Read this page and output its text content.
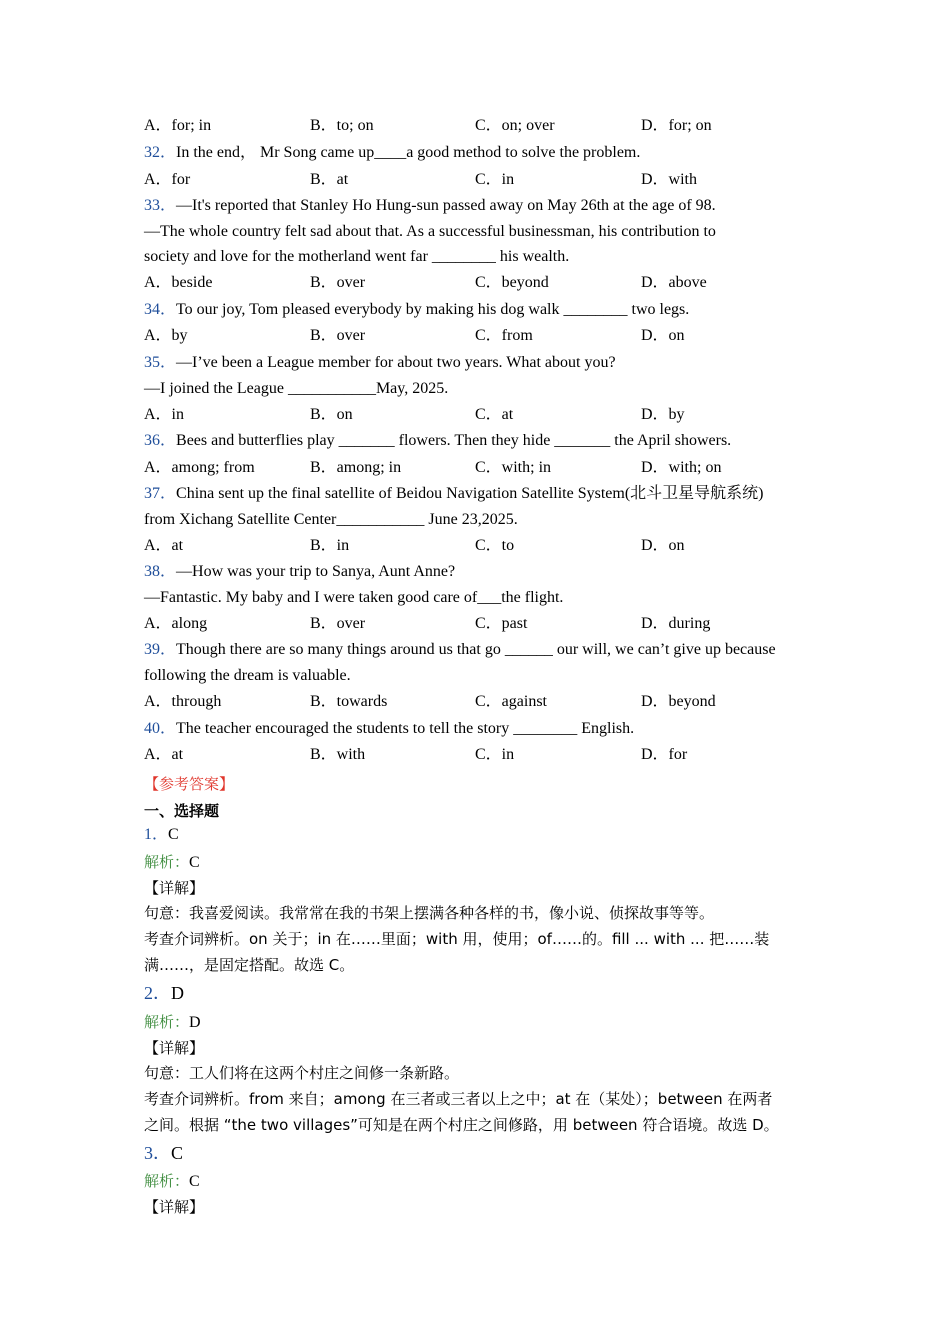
A．for; in	B．to; on	C．on; over	D．for; on
32．In the end， Mr Song came up____a good method to solve the problem.
A．for	B．at	C．in	D．with
33．—It's reported that Stanley Ho Hung-sun passed away on May 26th at the age of 98.
—The whole country felt sad about that. As a successful businessman, his contribution to
society and love for the motherland went far ________ his wealth.
A．beside	B．over	C．beyond	D．above
34．To our joy, Tom pleased everybody by making his dog walk ________ two legs.
A．by	B．over	C．from	D．on
35．—I’ve been a League member for about two years. What about you?
—I joined the League ___________May, 2025.
A．in	B．on	C．at	D．by
36．Bees and butterflies play _______ flowers. Then they hide _______ the April showers.
A．among; from	B．among; in	C．with; in	D．with; on
37．China sent up the final satellite of Beidou Navigation Satellite System(北斗卫星导航系统)
from Xichang Satellite Center___________ June 23,2025.
A．at	B．in	C．to	D．on
38．—How was your trip to Sanya, Aunt Anne?
—Fantastic. My baby and I were taken good care of___the flight.
A．along	B．over	C．past	D．during
39．Though there are so many things around us that go ______ our will, we can’t give up because
following the dream is valuable.
A．through	B．towards	C．against	D．beyond
40．The teacher encouraged the students to tell the story ________ English.
A．at	B．with	C．in	D．for
【参考答案】
一、选择题
1．C
解析：C
【详解】
句意：我喜爱阅读。我常常在我的书架上摆满各种各样的书，像小说、侦探故事等等。
考查介词辨析。on 关于；in 在……里面；with 用，使用；of……的。fill ... with ... 把……装
满……，是固定搭配。故选 C。
2．D
解析：D
【详解】
句意：工人们将在这两个村庄之间修一条新路。
考查介词辨析。from 来自；among 在三者或三者以上之中；at 在（某处）；between 在两者
之间。根据 “the two villages”可知是在两个村庄之间修路，用 between 符合语境。故选 D。
3．C
解析：C
【详解】
